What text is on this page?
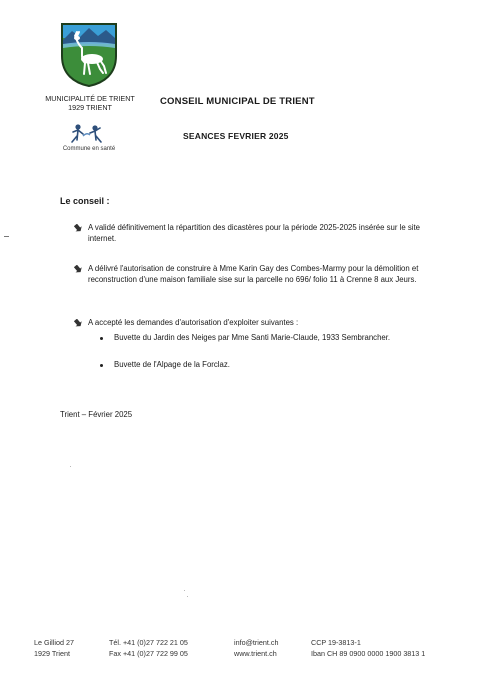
MUNICIPALITÉ DE TRIENT
1929 TRIENT
Commune en santé
CONSEIL MUNICIPAL DE TRIENT
SEANCES FEVRIER 2025
Le conseil :
A validé définitivement la répartition des dicastères pour la période 2025-2025 insérée sur le site internet.
A délivré l'autorisation de construire à Mme Karin Gay des Combes-Marmy pour la démolition et reconstruction d'une maison familiale sise sur la parcelle no 696/ folio 11 à Crenne 8 aux Jeurs.
A accepté les demandes d'autorisation d'exploiter suivantes :
Buvette du Jardin des Neiges par Mme Santi Marie-Claude, 1933 Sembrancher.
Buvette de l'Alpage de la Forclaz.
Trient – Février 2025
Le Gilliod 27
1929 Trient
Tél. +41 (0)27 722 21 05
Fax +41 (0)27 722 99 05
info@trient.ch
www.trient.ch
CCP 19-3813-1
Iban CH 89 0900 0000 1900 3813 1
